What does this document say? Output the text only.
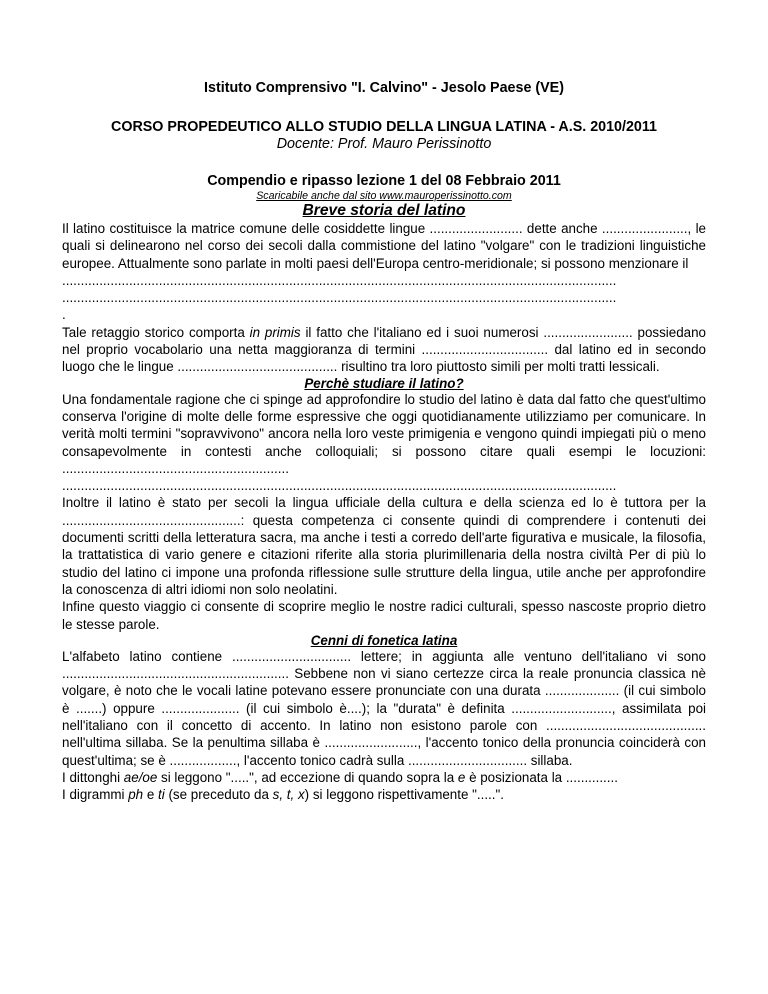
Istituto Comprensivo "I. Calvino" - Jesolo Paese (VE)

CORSO PROPEDEUTICO ALLO STUDIO DELLA LINGUA LATINA - A.S. 2010/2011

Docente: Prof. Mauro Perissinotto

Compendio e ripasso lezione 1 del 08 Febbraio 2011

Scaricabile anche dal sito www.mauroperissinotto.com

Breve storia del latino

Il latino costituisce la matrice comune delle cosiddette lingue ......................... dette anche ......................., le quali si delinearono nel corso dei secoli dalla commistione del latino "volgare" con le tradizioni linguistiche europee. Attualmente sono parlate in molti paesi dell'Europa centro-meridionale; si possono menzionare il
.....................................................................................................................................................
.....................................................................................................................................................
.

Tale retaggio storico comporta in primis il fatto che l'italiano ed i suoi numerosi ........................ possiedano nel proprio vocabolario una netta maggioranza di termini .................................. dal latino ed in secondo luogo che le lingue ........................................... risultino tra loro piuttosto simili per molti tratti lessicali.

Perchè studiare il latino?

Una fondamentale ragione che ci spinge ad approfondire lo studio del latino è data dal fatto che quest'ultimo conserva l'origine di molte delle forme espressive che oggi quotidianamente utilizziamo per comunicare. In verità molti termini "sopravvivono" ancora nella loro veste primigenia e vengono quindi impiegati più o meno consapevolmente in contesti anche colloquiali; si possono citare quali esempi le locuzioni: .............................................................
.....................................................................................................................................................

Inoltre il latino è stato per secoli la lingua ufficiale della cultura e della scienza ed lo è tuttora per la ................................................: questa competenza ci consente quindi di comprendere i contenuti dei documenti scritti della letteratura sacra, ma anche i testi a corredo dell'arte figurativa e musicale, la filosofia, la trattatistica di vario genere e citazioni riferite alla storia plurimillenaria della nostra civiltà Per di più lo studio del latino ci impone una profonda riflessione sulle strutture della lingua, utile anche per approfondire la conoscenza di altri idiomi non solo neolatini.

Infine questo viaggio ci consente di scoprire meglio le nostre radici culturali, spesso nascoste proprio dietro le stesse parole.

Cenni di fonetica latina

L'alfabeto latino contiene ................................ lettere; in aggiunta alle ventuno dell'italiano vi sono ............................................................. Sebbene non vi siano certezze circa la reale pronuncia classica nè volgare, è noto che le vocali latine potevano essere pronunciate con una durata .................... (il cui simbolo è .......) oppure ..................... (il cui simbolo è....); la "durata" è definita ..........................., assimilata poi nell'italiano con il concetto di accento. In latino non esistono parole con ........................................... nell'ultima sillaba. Se la penultima sillaba è ........................., l'accento tonico della pronuncia coinciderà con quest'ultima; se è .................., l'accento tonico cadrà sulla ................................ sillaba.

I dittonghi ae/oe si leggono ".....", ad eccezione di quando sopra la e è posizionata la ..............

I digrammi ph e ti (se preceduto da s, t, x) si leggono rispettivamente ".....".
